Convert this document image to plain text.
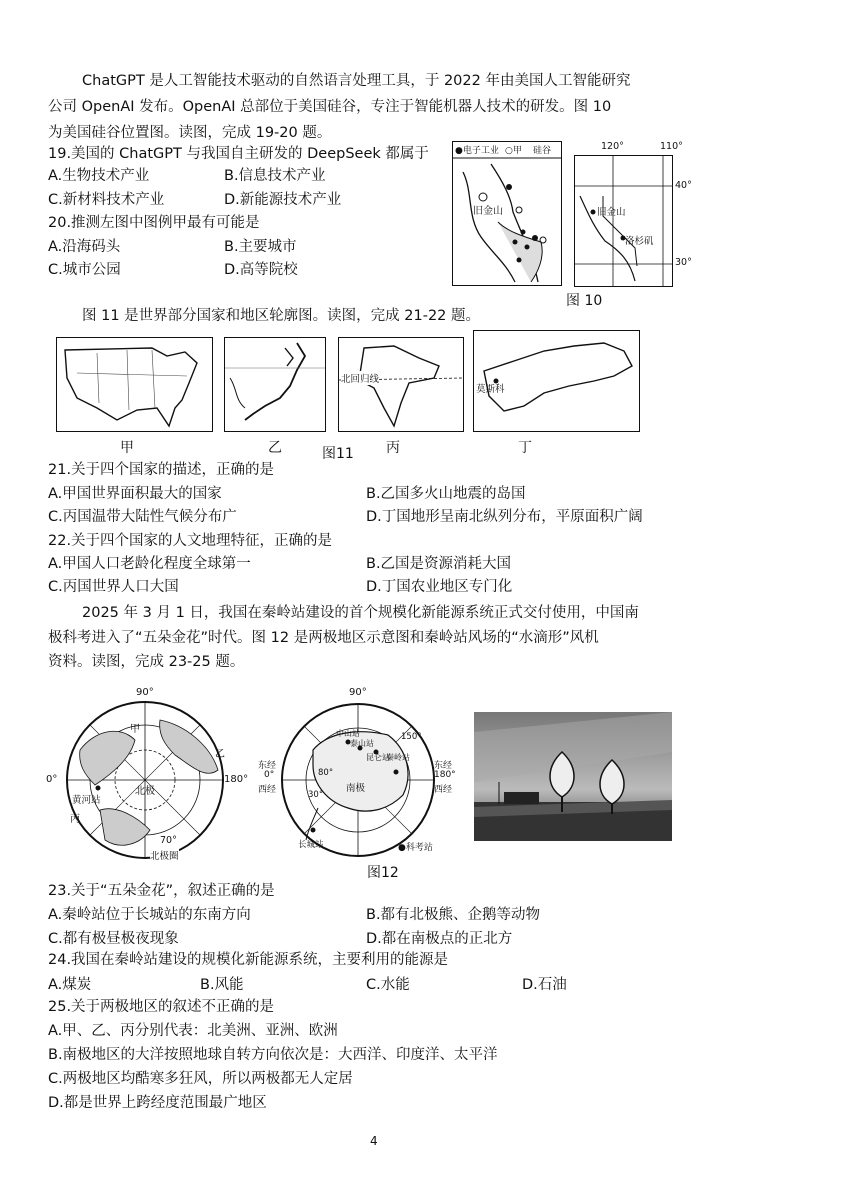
ChatGPT 是人工智能技术驱动的自然语言处理工具，于 2022 年由美国人工智能研究
公司 OpenAI 发布。OpenAI 总部位于美国硅谷，专注于智能机器人技术的研发。图 10
为美国硅谷位置图。读图，完成 19-20 题。
19.美国的 ChatGPT 与我国自主研发的 DeepSeek 都属于
A.生物技术产业	B.信息技术产业
C.新材料技术产业	D.新能源技术产业
20.推测左图中图例甲最有可能是
A.沿海码头	B.主要城市
C.城市公园	D.高等院校
●电子工业 ○甲 硅谷
旧金山	旧金山
洛杉矶
120°	110°
40°
30°
图 10
图 11 是世界部分国家和地区轮廓图。读图，完成 21-22 题。
北回归线
莫斯科
甲	乙	图11 丙	丁
21.关于四个国家的描述，正确的是
A.甲国世界面积最大的国家	B.乙国多火山地震的岛国
C.丙国温带大陆性气候分布广	D.丁国地形呈南北纵列分布，平原面积广阔
22.关于四个国家的人文地理特征，正确的是
A.甲国人口老龄化程度全球第一	B.乙国是资源消耗大国
C.丙国世界人口大国	D.丁国农业地区专门化
2025 年 3 月 1 日，我国在秦岭站建设的首个规模化新能源系统正式交付使用，中国南
极科考进入了“五朵金花”时代。图 12 是两极地区示意图和秦岭站风场的“水滴形”风机
资料。读图，完成 23-25 题。
90°
0°	180°
北极
黄河站
甲
乙
丙
70°
北极圈
90°
东经
0°
西经
东经
180°
西经
南极
中山站
泰山站
昆仑站
秦岭站
150°
30°
80°
长城站	●科考站
图12
23.关于“五朵金花”，叙述正确的是
A.秦岭站位于长城站的东南方向	B.都有北极熊、企鹅等动物
C.都有极昼极夜现象	D.都在南极点的正北方
24.我国在秦岭站建设的规模化新能源系统，主要利用的能源是
A.煤炭	B.风能	C.水能	D.石油
25.关于两极地区的叙述不正确的是
A.甲、乙、丙分别代表：北美洲、亚洲、欧洲
B.南极地区的大洋按照地球自转方向依次是：大西洋、印度洋、太平洋
C.两极地区均酷寒多狂风，所以两极都无人定居
D.都是世界上跨经度范围最广地区
4
